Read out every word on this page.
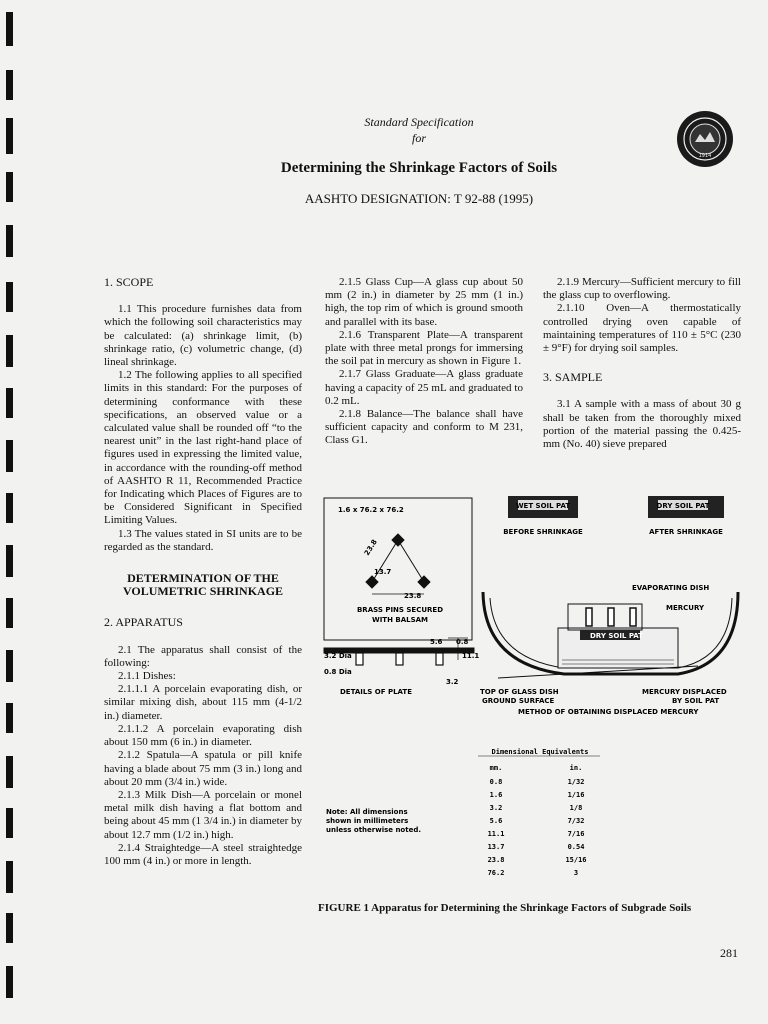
Standard Specification
for
Determining the Shrinkage Factors of Soils
AASHTO DESIGNATION: T 92-88 (1995)
1914

1. SCOPE

1.1 This procedure furnishes data from which the following soil characteristics may be calculated: (a) shrinkage limit, (b) shrinkage ratio, (c) volumetric change, (d) lineal shrinkage.

1.2 The following applies to all specified limits in this standard: For the purposes of determining conformance with these specifications, an observed value or a calculated value shall be rounded off “to the nearest unit” in the last right-hand place of figures used in expressing the limited value, in accordance with the rounding-off method of AASHTO R 11, Recommended Practice for Indicating which Places of Figures are to be Considered Significant in Specified Limiting Values.

1.3 The values stated in SI units are to be regarded as the standard.

DETERMINATION OF THE VOLUMETRIC SHRINKAGE

2. APPARATUS

2.1 The apparatus shall consist of the following:

2.1.1 Dishes:

2.1.1.1 A porcelain evaporating dish, or similar mixing dish, about 115 mm (4-1/2 in.) diameter.

2.1.1.2 A porcelain evaporating dish about 150 mm (6 in.) in diameter.

2.1.2 Spatula—A spatula or pill knife having a blade about 75 mm (3 in.) long and about 20 mm (3/4 in.) wide.

2.1.3 Milk Dish—A porcelain or monel metal milk dish having a flat bottom and being about 45 mm (1 3/4 in.) in diameter by about 12.7 mm (1/2 in.) high.

2.1.4 Straightedge—A steel straightedge 100 mm (4 in.) or more in length.

2.1.5 Glass Cup—A glass cup about 50 mm (2 in.) in diameter by 25 mm (1 in.) high, the top rim of which is ground smooth and parallel with its base.

2.1.6 Transparent Plate—A transparent plate with three metal prongs for immersing the soil pat in mercury as shown in Figure 1.

2.1.7 Glass Graduate—A glass graduate having a capacity of 25 mL and graduated to 0.2 mL.

2.1.8 Balance—The balance shall have sufficient capacity and conform to M 231, Class G1.

2.1.9 Mercury—Sufficient mercury to fill the glass cup to overflowing.

2.1.10 Oven—A thermostatically controlled drying oven capable of maintaining temperatures of 110 ± 5°C (230 ± 9°F) for drying soil samples.

3. SAMPLE

3.1 A sample with a mass of about 30 g shall be taken from the thoroughly mixed portion of the material passing the 0.425-mm (No. 40) sieve prepared

1.6 x 76.2 x 76.2
23.8
13.7
23.8
BRASS PINS SECURED
WITH BALSAM
5.6 0.8
3.2 Dia	11.1
0.8 Dia
3.2
DETAILS OF PLATE
WET SOIL PAT
BEFORE SHRINKAGE
DRY SOIL PAT
AFTER SHRINKAGE
EVAPORATING DISH
MERCURY
DRY SOIL PAT
TOP OF GLASS DISH
GROUND SURFACE
MERCURY DISPLACED
BY SOIL PAT
METHOD OF OBTAINING DISPLACED MERCURY
Note: All dimensions
shown in millimeters
unless otherwise noted.
Dimensional Equivalents
mm.	in.
0.8	1/32
1.6	1/16
3.2	1/8
5.6	7/32
11.1	7/16
13.7	0.54
23.8	15/16
76.2	3
FIGURE 1 Apparatus for Determining the Shrinkage Factors of Subgrade Soils
281
